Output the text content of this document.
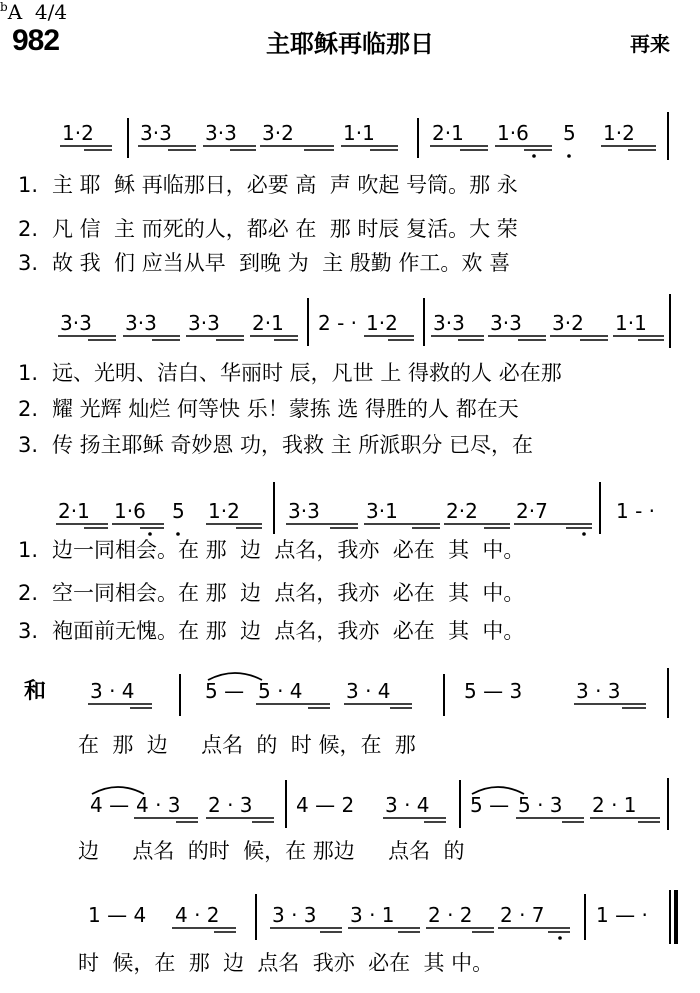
982	主耶稣再临那日	再来
$^b$A 4/4
1·2 3·3 3·3 3·2 1·1	2·1 1·6 5 1·2
1. 主 耶  稣 再临那日，必要 高  声 吹起 号筒。那 永
2. 凡 信  主 而死的人，都必 在  那 时辰 复活。大 荣
3. 故 我  们 应当从早  到晚 为  主 殷勤 作工。欢 喜
3·3 3·3 3·3 2·1 2 - · 1·2 3·3 3·3 3·2 1·1
1. 远、光明、洁白、华丽时 辰，凡世 上 得救的人 必在那
2. 耀 光辉 灿烂 何等快 乐！蒙拣 选 得胜的人 都在天
3. 传 扬主耶稣 奇妙恩 功，我救 主 所派职分 已尽，在
2·1 1·6 5 1·2 3·3 3·1 2·2 2·7	1 - ·
1. 边一同相会。在 那  边  点名，我亦  必在  其  中。
2. 空一同相会。在 那  边  点名，我亦  必在  其  中。
3. 袍面前无愧。在 那  边  点名，我亦  必在  其  中。
和 3 · 4	5 — 5 · 4 3 · 4	5 — 3	3 · 3
在  那  边     点名  的  时 候，在  那
4 — 4 · 3 2 · 3 4 — 2 3 · 4 5 — 5 · 3 2 · 1
边     点名  的时  候，在 那边     点名  的
1 — 4 4 · 2	3 · 3 3 · 1 2 · 2 2 · 7	1 — ·
时  候，在  那  边  点名  我亦  必在  其 中。
